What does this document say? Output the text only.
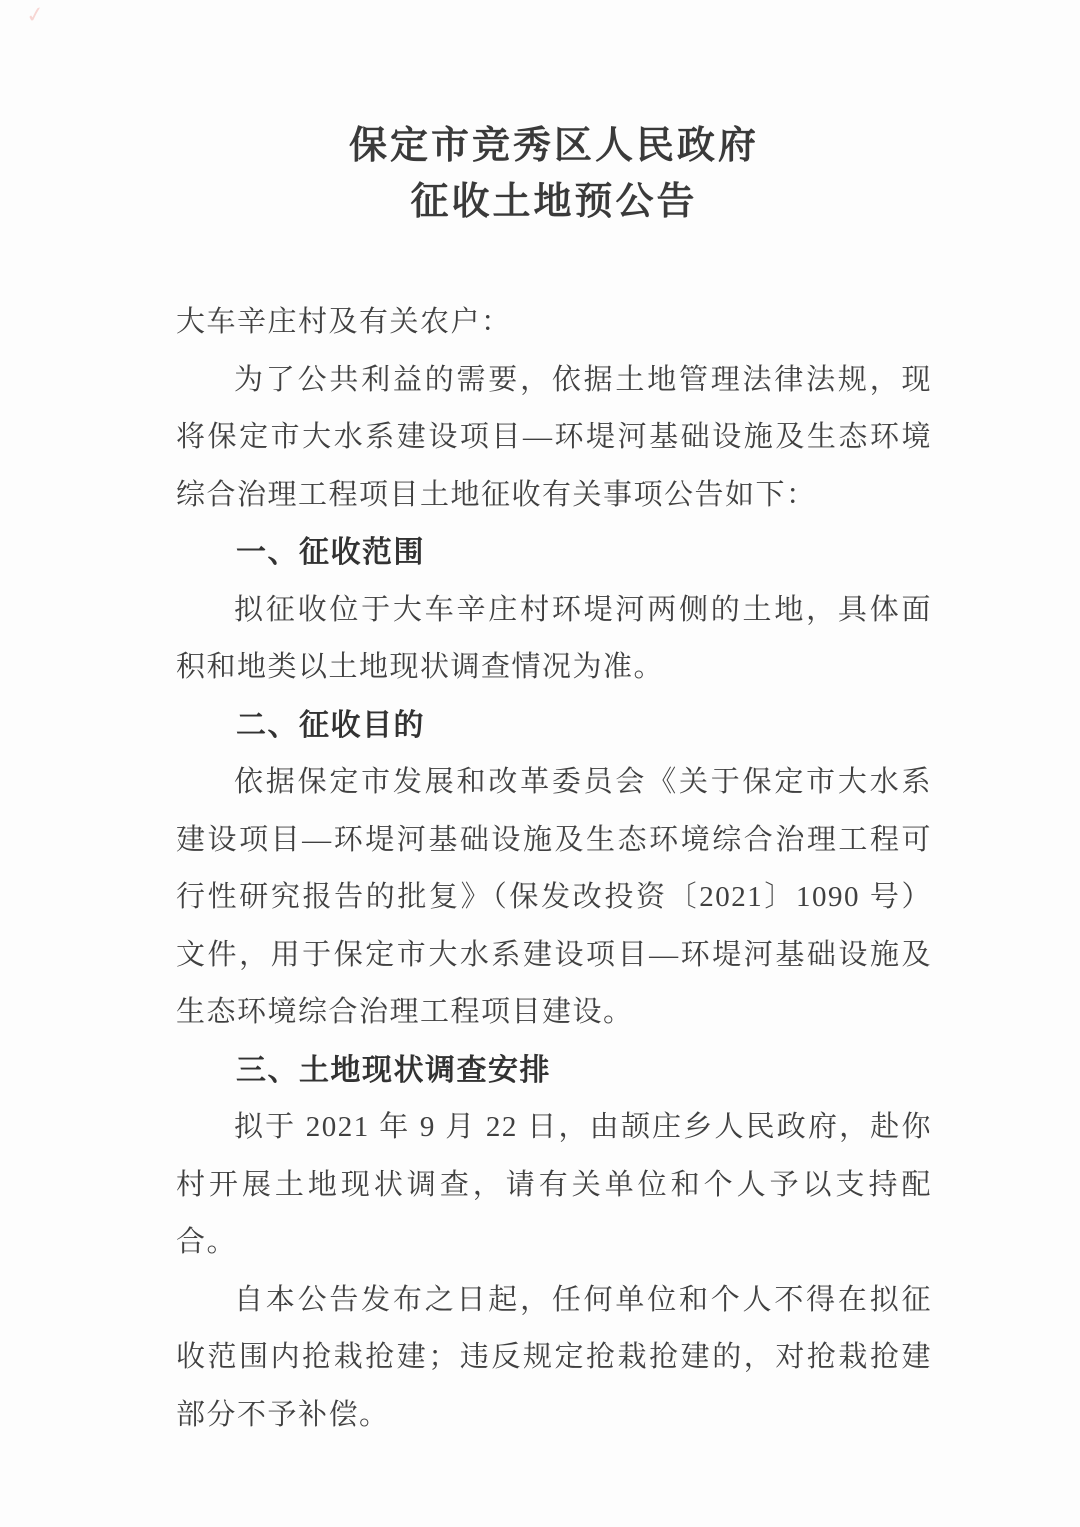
✓
保定市竞秀区人民政府
征收土地预公告

大车辛庄村及有关农户：

为了公共利益的需要，依据土地管理法律法规，现将保定市大水系建设项目—环堤河基础设施及生态环境综合治理工程项目土地征收有关事项公告如下：

一、征收范围

拟征收位于大车辛庄村环堤河两侧的土地，具体面积和地类以土地现状调查情况为准。

二、征收目的

依据保定市发展和改革委员会《关于保定市大水系建设项目—环堤河基础设施及生态环境综合治理工程可行性研究报告的批复》（保发改投资〔2021〕1090 号）文件，用于保定市大水系建设项目—环堤河基础设施及生态环境综合治理工程项目建设。

三、土地现状调查安排

拟于 2021 年 9 月 22 日，由颉庄乡人民政府，赴你村开展土地现状调查，请有关单位和个人予以支持配合。

自本公告发布之日起，任何单位和个人不得在拟征收范围内抢栽抢建；违反规定抢栽抢建的，对抢栽抢建部分不予补偿。
